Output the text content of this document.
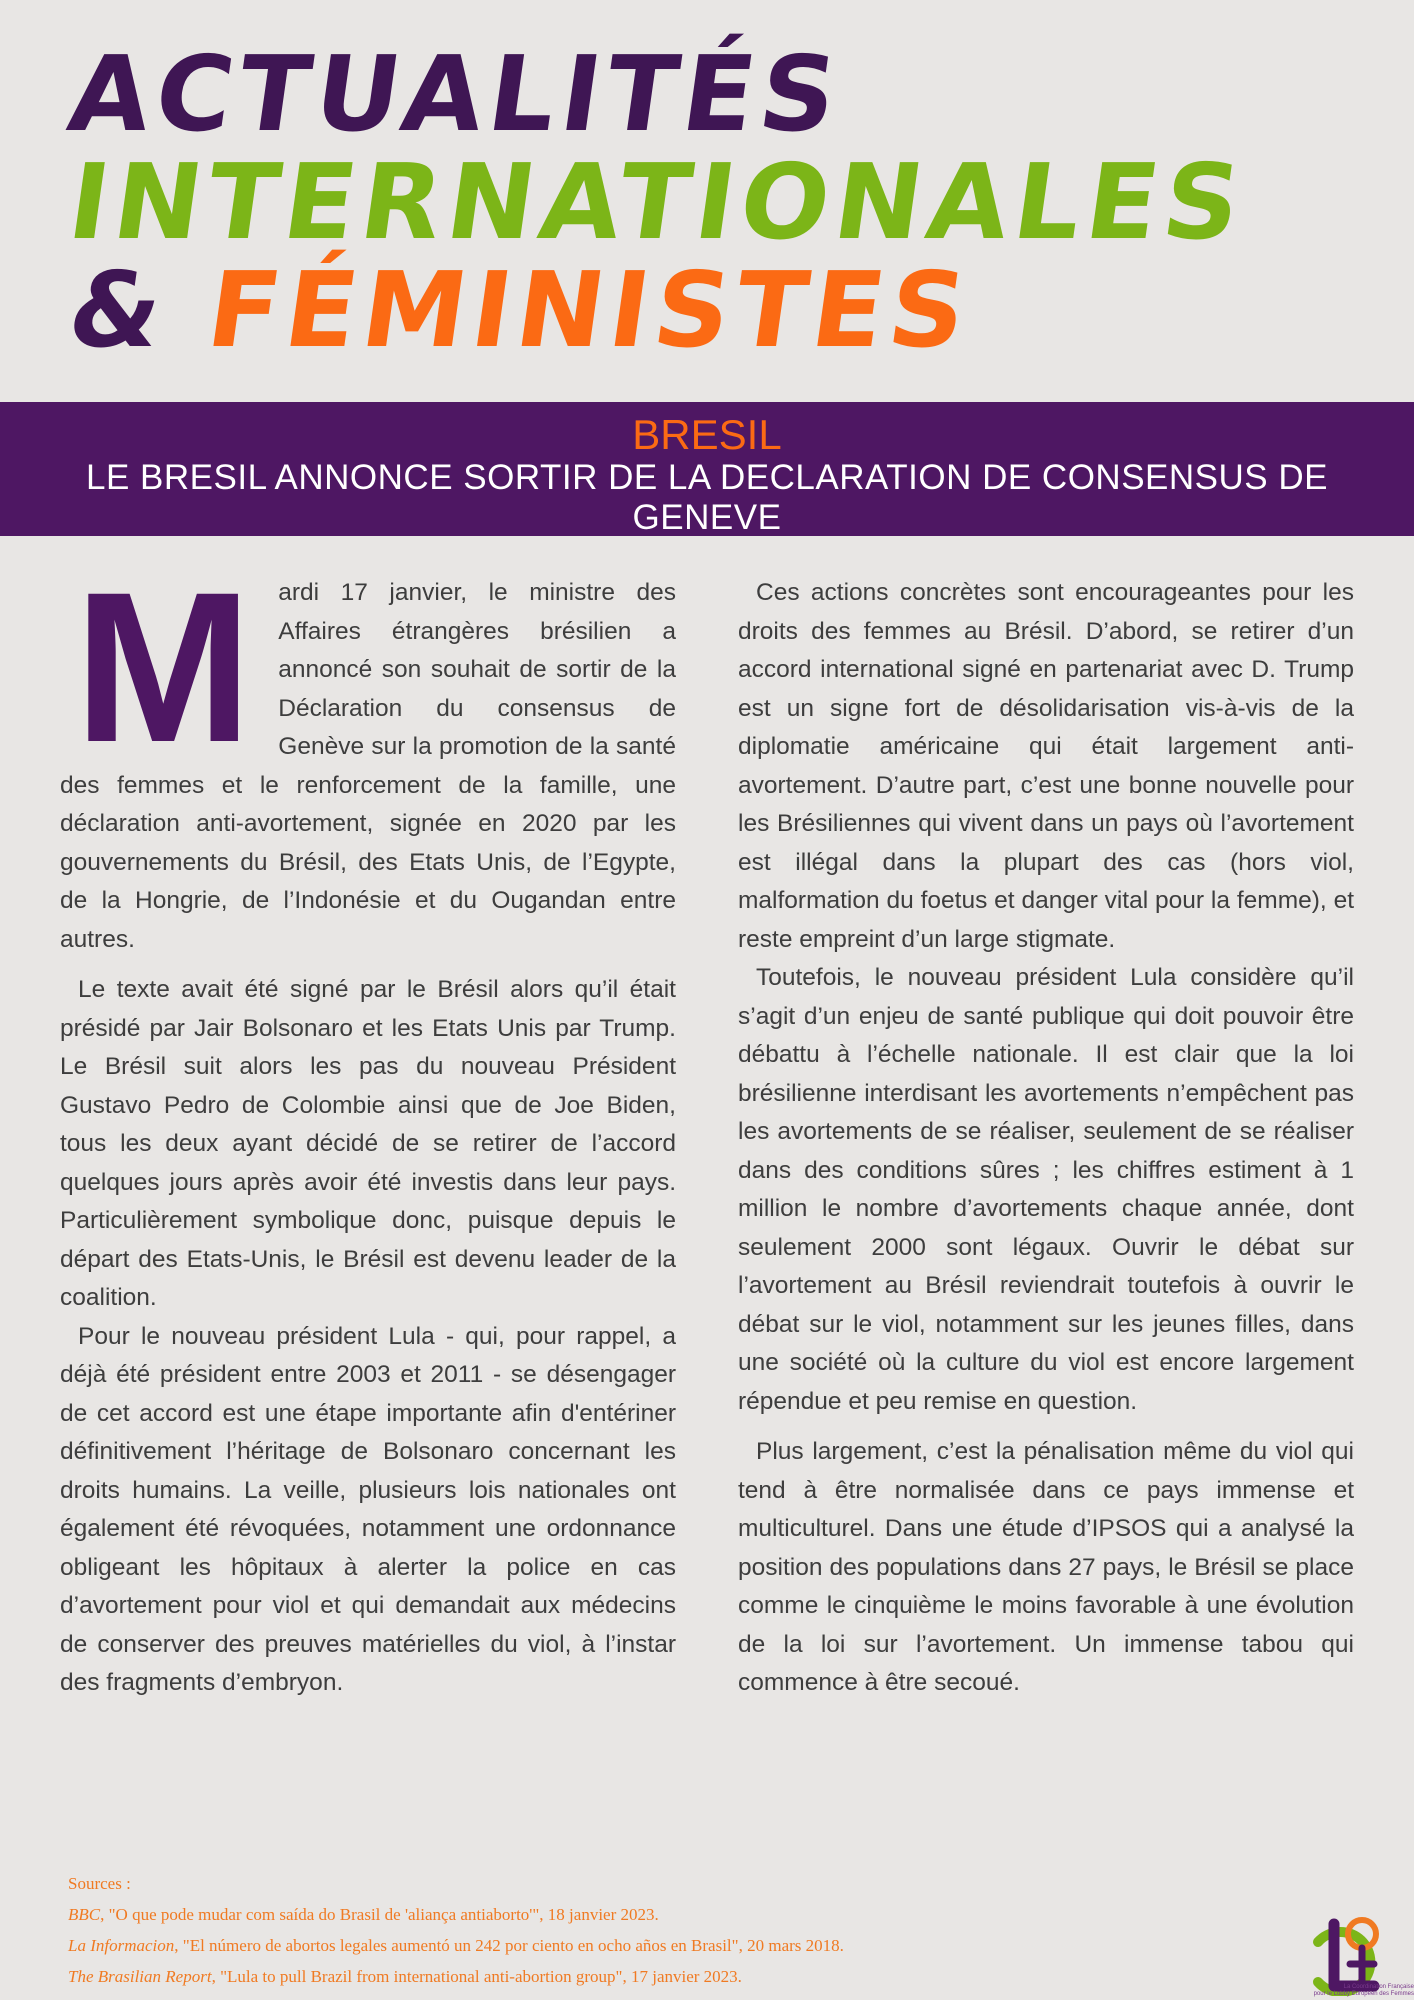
ACTUALITÉS
INTERNATIONALES
& FÉMINISTES
BRESIL
LE BRESIL ANNONCE SORTIR DE LA DECLARATION DE CONSENSUS DE GENEVE
M	ardi 17 janvier, le ministre des Affaires étrangères brésilien a annoncé son souhait de sortir de la Déclaration du consensus de Genève sur la promotion de la santé des femmes et le renforcement de la famille, une déclaration anti-avortement, signée en 2020 par les gouvernements du Brésil, des Etats Unis, de l’Egypte, de la Hongrie, de l’Indonésie et du Ougandan entre autres.

Le texte avait été signé par le Brésil alors qu’il était présidé par Jair Bolsonaro et les Etats Unis par Trump. Le Brésil suit alors les pas du nouveau Président Gustavo Pedro de Colombie ainsi que de Joe Biden, tous les deux ayant décidé de se retirer de l’accord quelques jours après avoir été investis dans leur pays. Particulièrement symbolique donc, puisque depuis le départ des Etats-Unis, le Brésil est devenu leader de la coalition.

Pour le nouveau président Lula - qui, pour rappel, a déjà été président entre 2003 et 2011 - se désengager de cet accord est une étape importante afin d'entériner définitivement l’héritage de Bolsonaro concernant les droits humains. La veille, plusieurs lois nationales ont également été révoquées, notamment une ordonnance obligeant les hôpitaux à alerter la police en cas d’avortement pour viol et qui demandait aux médecins de conserver des preuves matérielles du viol, à l’instar des fragments d’embryon.

Ces actions concrètes sont encourageantes pour les droits des femmes au Brésil. D’abord, se retirer d’un accord international signé en partenariat avec D. Trump est un signe fort de désolidarisation vis-à-vis de la diplomatie américaine qui était largement anti-avortement. D’autre part, c’est une bonne nouvelle pour les Brésiliennes qui vivent dans un pays où l’avortement est illégal dans la plupart des cas (hors viol, malformation du foetus et danger vital pour la femme), et reste empreint d’un large stigmate.

Toutefois, le nouveau président Lula considère qu’il s’agit d’un enjeu de santé publique qui doit pouvoir être débattu à l’échelle nationale. Il est clair que la loi brésilienne interdisant les avortements n’empêchent pas les avortements de se réaliser, seulement de se réaliser dans des conditions sûres ; les chiffres estiment à 1 million le nombre d’avortements chaque année, dont seulement 2000 sont légaux. Ouvrir le débat sur l’avortement au Brésil reviendrait toutefois à ouvrir le débat sur le viol, notamment sur les jeunes filles, dans une société où la culture du viol est encore largement répendue et peu remise en question.

Plus largement, c’est la pénalisation même du viol qui tend à être normalisée dans ce pays immense et multiculturel. Dans une étude d’IPSOS qui a analysé la position des populations dans 27 pays, le Brésil se place comme le cinquième le moins favorable à une évolution de la loi sur l’avortement. Un immense tabou qui commence à être secoué.

Sources :
BBC, "O que pode mudar com saída do Brasil de 'aliança antiaborto'", 18 janvier 2023.
La Informacion, "El número de abortos legales aumentó un 242 por ciento en ocho años en Brasil", 20 mars 2018.
The Brasilian Report, "Lula to pull Brazil from international anti-abortion group", 17 janvier 2023.
La Coordination Française
pour le Lobby Européen des Femmes
